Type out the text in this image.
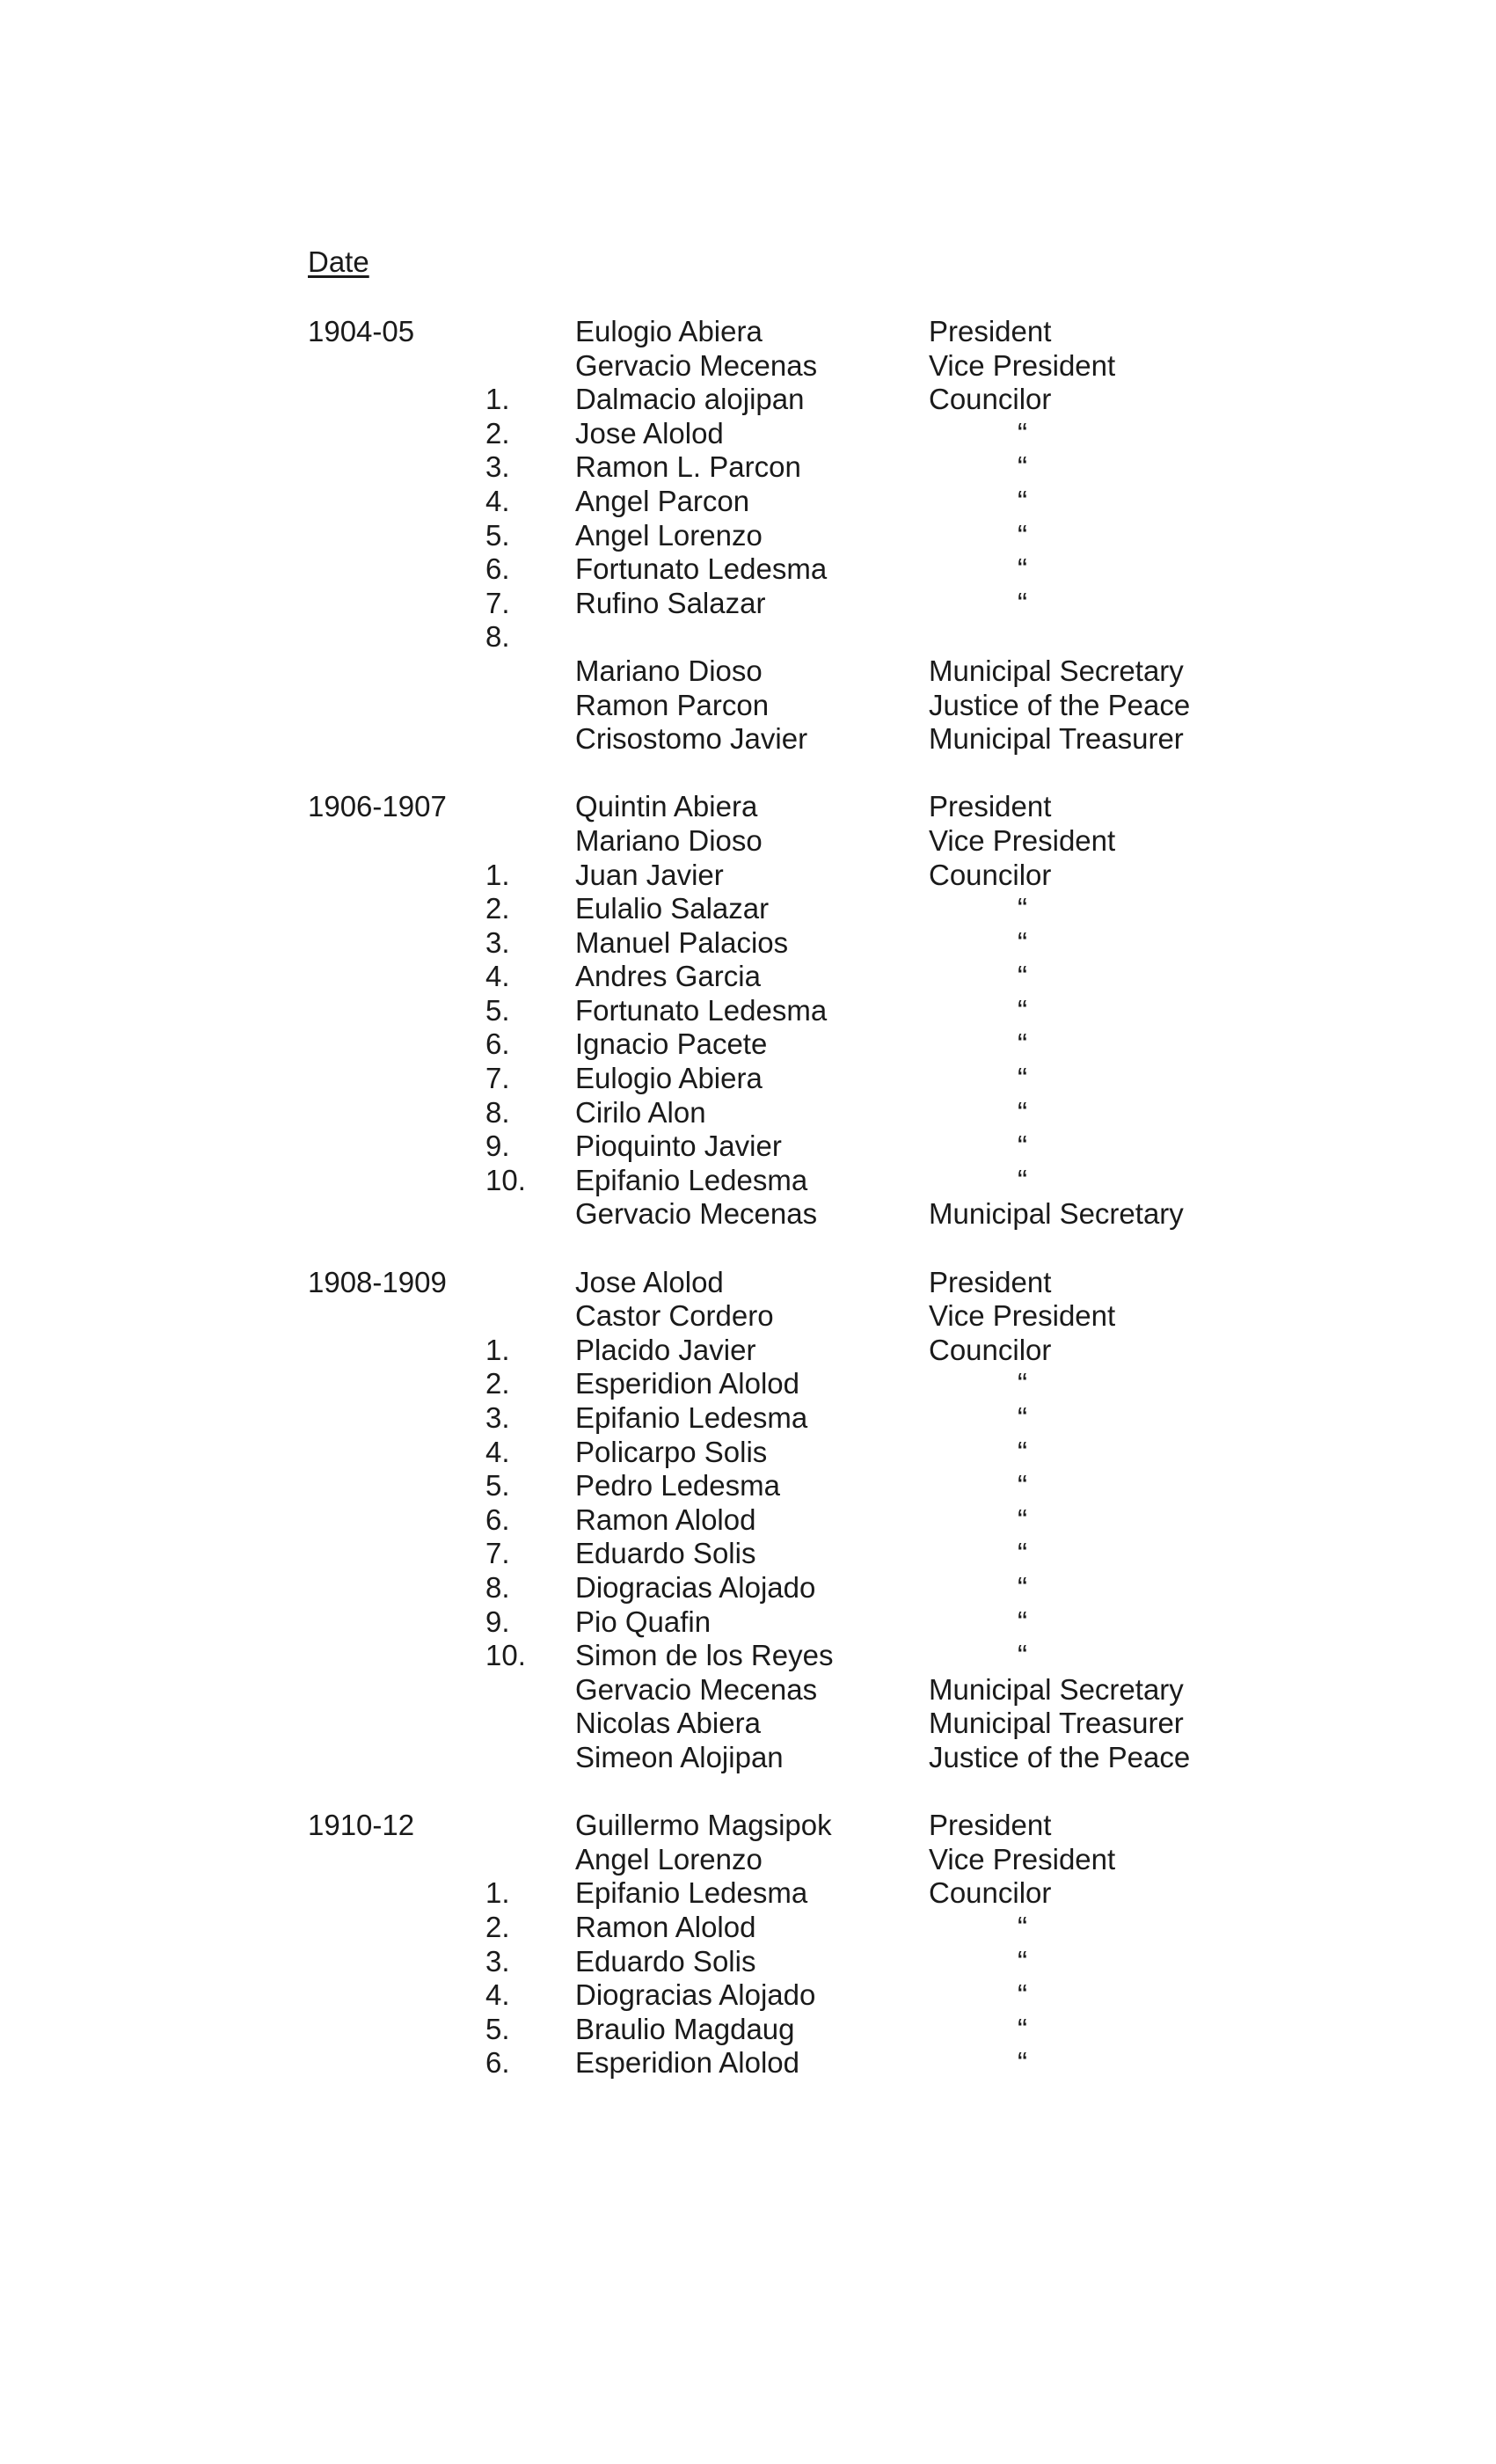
Date
1904-05	Eulogio Abiera	President
Gervacio Mecenas	Vice President
1. Dalmacio alojipan	Councilor
2. Jose Alolod	“
3. Ramon L. Parcon	“
4. Angel Parcon	“
5. Angel Lorenzo	“
6. Fortunato Ledesma	“
7. Rufino Salazar	“
8.
Mariano Dioso	Municipal Secretary
Ramon Parcon	Justice of the Peace
Crisostomo Javier	Municipal Treasurer
1906-1907	Quintin Abiera	President
Mariano Dioso	Vice President
1. Juan Javier	Councilor
2. Eulalio Salazar	“
3. Manuel Palacios	“
4. Andres Garcia	“
5. Fortunato Ledesma	“
6. Ignacio Pacete	“
7. Eulogio Abiera	“
8. Cirilo Alon	“
9. Pioquinto Javier	“
10. Epifanio Ledesma	“
Gervacio Mecenas	Municipal Secretary
1908-1909	Jose Alolod	President
Castor Cordero	Vice President
1. Placido Javier	Councilor
2. Esperidion Alolod	“
3. Epifanio Ledesma	“
4. Policarpo Solis	“
5. Pedro Ledesma	“
6. Ramon Alolod	“
7. Eduardo Solis	“
8. Diogracias Alojado	“
9. Pio Quafin	“
10. Simon de los Reyes	“
Gervacio Mecenas	Municipal Secretary
Nicolas Abiera	Municipal Treasurer
Simeon Alojipan	Justice of the Peace
1910-12	Guillermo Magsipok	President
Angel Lorenzo	Vice President
1. Epifanio Ledesma	Councilor
2. Ramon Alolod	“
3. Eduardo Solis	“
4. Diogracias Alojado	“
5. Braulio Magdaug	“
6. Esperidion Alolod	“
